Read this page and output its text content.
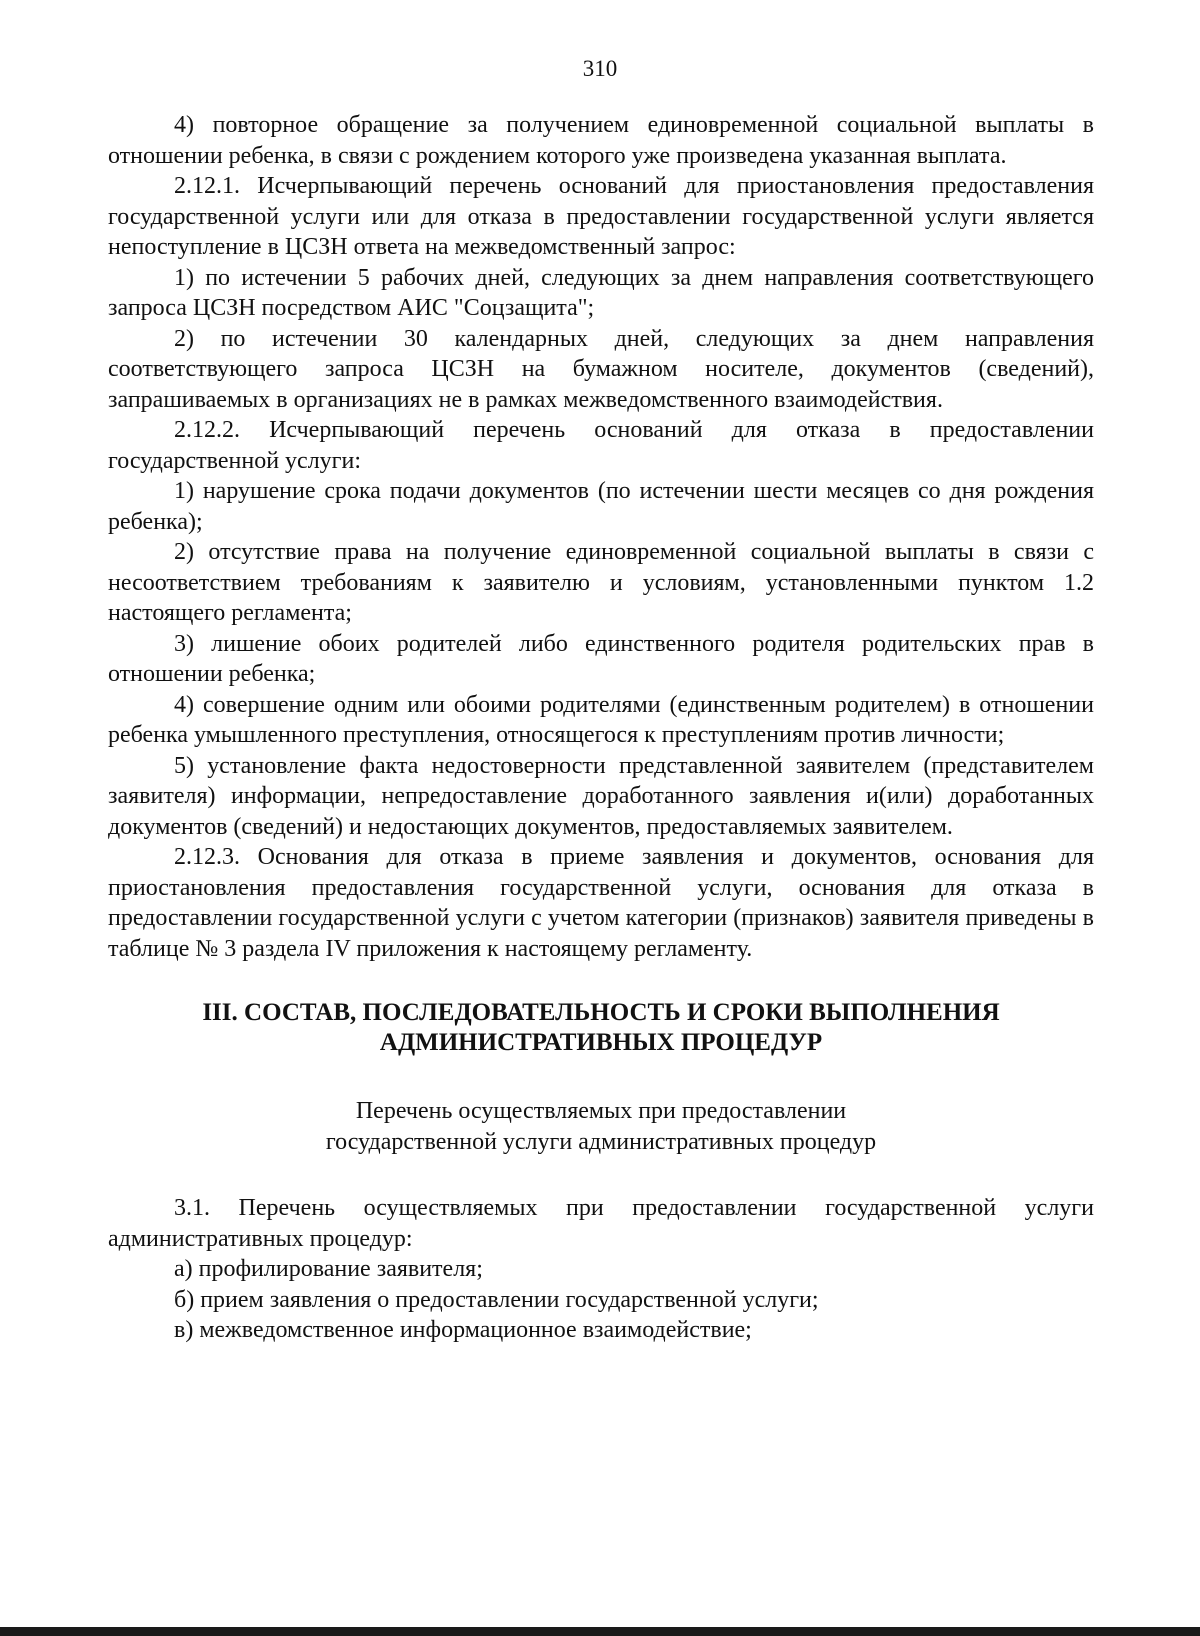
310

4) повторное обращение за получением единовременной социальной выплаты в отношении ребенка, в связи с рождением которого уже произведена указанная выплата.

2.12.1. Исчерпывающий перечень оснований для приостановления предоставления государственной услуги или для отказа в предоставлении государственной услуги является непоступление в ЦСЗН ответа на межведомственный запрос:

1) по истечении 5 рабочих дней, следующих за днем направления соответствующего запроса ЦСЗН посредством АИС "Соцзащита";

2) по истечении 30 календарных дней, следующих за днем направления соответствующего запроса ЦСЗН на бумажном носителе, документов (сведений), запрашиваемых в организациях не в рамках межведомственного взаимодействия.

2.12.2. Исчерпывающий перечень оснований для отказа в предоставлении государственной услуги:

1) нарушение срока подачи документов (по истечении шести месяцев со дня рождения ребенка);

2) отсутствие права на получение единовременной социальной выплаты в связи с несоответствием требованиям к заявителю и условиям, установленными пунктом 1.2 настоящего регламента;

3) лишение обоих родителей либо единственного родителя родительских прав в отношении ребенка;

4) совершение одним или обоими родителями (единственным родителем) в отношении ребенка умышленного преступления, относящегося к преступлениям против личности;

5) установление факта недостоверности представленной заявителем (представителем заявителя) информации, непредоставление доработанного заявления и(или) доработанных документов (сведений) и недостающих документов, предоставляемых заявителем.

2.12.3. Основания для отказа в приеме заявления и документов, основания для приостановления предоставления государственной услуги, основания для отказа в предоставлении государственной услуги с учетом категории (признаков) заявителя приведены в таблице № 3 раздела IV приложения к настоящему регламенту.

III. СОСТАВ, ПОСЛЕДОВАТЕЛЬНОСТЬ И СРОКИ ВЫПОЛНЕНИЯ
АДМИНИСТРАТИВНЫХ ПРОЦЕДУР
Перечень осуществляемых при предоставлении
государственной услуги административных процедур

3.1. Перечень осуществляемых при предоставлении государственной услуги административных процедур:

а) профилирование заявителя;

б) прием заявления о предоставлении государственной услуги;

в) межведомственное информационное взаимодействие;
